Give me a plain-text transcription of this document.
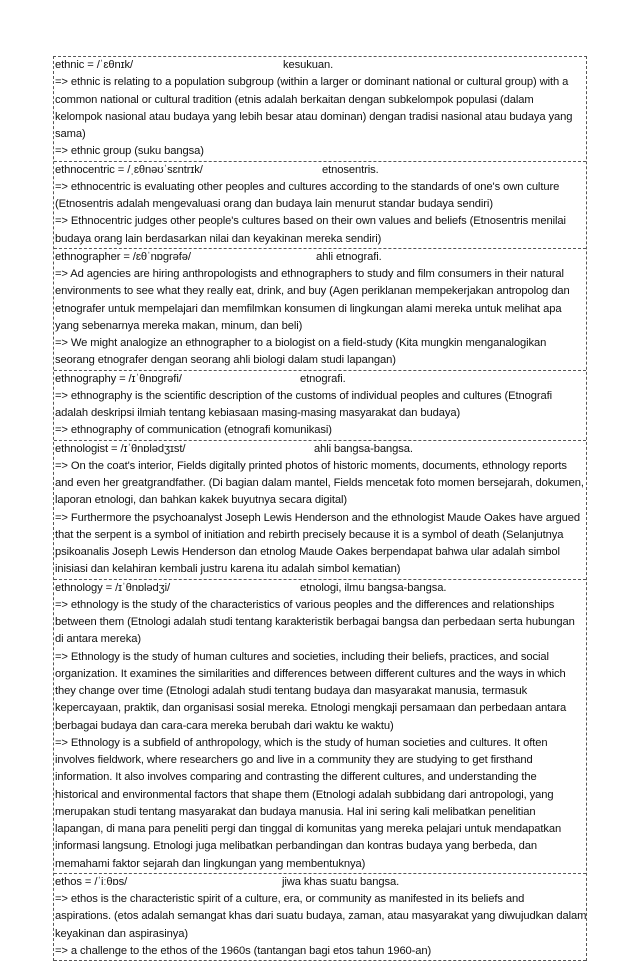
ethnic = /ˈɛθnɪk/	kesukuan.
=> ethnic is relating to a population subgroup (within a larger or dominant national or cultural group) with a
common national or cultural tradition (etnis adalah berkaitan dengan subkelompok populasi (dalam
kelompok nasional atau budaya yang lebih besar atau dominan) dengan tradisi nasional atau budaya yang
sama)
=> ethnic group (suku bangsa)
ethnocentric = /ˌɛθnəʊˈsɛntrɪk/	etnosentris.
=> ethnocentric is evaluating other peoples and cultures according to the standards of one's own culture
(Etnosentris adalah mengevaluasi orang dan budaya lain menurut standar budaya sendiri)
=> Ethnocentric judges other people's cultures based on their own values and beliefs (Etnosentris menilai
budaya orang lain berdasarkan nilai dan keyakinan mereka sendiri)
ethnographer = /ɛθˈnɒɡrəfə/	ahli etnografi.
=> Ad agencies are hiring anthropologists and ethnographers to study and film consumers in their natural
environments to see what they really eat, drink, and buy (Agen periklanan mempekerjakan antropolog dan
etnografer untuk mempelajari dan memfilmkan konsumen di lingkungan alami mereka untuk melihat apa
yang sebenarnya mereka makan, minum, dan beli)
=> We might analogize an ethnographer to a biologist on a field-study (Kita mungkin menganalogikan
seorang etnografer dengan seorang ahli biologi dalam studi lapangan)
ethnography = /ɪˈθnɒɡrəfi/	etnografi.
=> ethnography is the scientific description of the customs of individual peoples and cultures (Etnografi
adalah deskripsi ilmiah tentang kebiasaan masing-masing masyarakat dan budaya)
=> ethnography of communication (etnografi komunikasi)
ethnologist = /ɪˈθnɒlədʒɪst/	ahli bangsa-bangsa.
=> On the coat's interior, Fields digitally printed photos of historic moments, documents, ethnology reports
and even her greatgrandfather. (Di bagian dalam mantel, Fields mencetak foto momen bersejarah, dokumen,
laporan etnologi, dan bahkan kakek buyutnya secara digital)
=> Furthermore the psychoanalyst Joseph Lewis Henderson and the ethnologist Maude Oakes have argued
that the serpent is a symbol of initiation and rebirth precisely because it is a symbol of death (Selanjutnya
psikoanalis Joseph Lewis Henderson dan etnolog Maude Oakes berpendapat bahwa ular adalah simbol
inisiasi dan kelahiran kembali justru karena itu adalah simbol kematian)
ethnology = /ɪˈθnɒlədʒi/	etnologi, ilmu bangsa-bangsa.
=> ethnology is the study of the characteristics of various peoples and the differences and relationships
between them (Etnologi adalah studi tentang karakteristik berbagai bangsa dan perbedaan serta hubungan
di antara mereka)
=> Ethnology is the study of human cultures and societies, including their beliefs, practices, and social
organization. It examines the similarities and differences between different cultures and the ways in which
they change over time (Etnologi adalah studi tentang budaya dan masyarakat manusia, termasuk
kepercayaan, praktik, dan organisasi sosial mereka. Etnologi mengkaji persamaan dan perbedaan antara
berbagai budaya dan cara-cara mereka berubah dari waktu ke waktu)
=> Ethnology is a subfield of anthropology, which is the study of human societies and cultures. It often
involves fieldwork, where researchers go and live in a community they are studying to get firsthand
information. It also involves comparing and contrasting the different cultures, and understanding the
historical and environmental factors that shape them (Etnologi adalah subbidang dari antropologi, yang
merupakan studi tentang masyarakat dan budaya manusia. Hal ini sering kali melibatkan penelitian
lapangan, di mana para peneliti pergi dan tinggal di komunitas yang mereka pelajari untuk mendapatkan
informasi langsung. Etnologi juga melibatkan perbandingan dan kontras budaya yang berbeda, dan
memahami faktor sejarah dan lingkungan yang membentuknya)
ethos = /ˈiːθɒs/	jiwa khas suatu bangsa.
=> ethos is the characteristic spirit of a culture, era, or community as manifested in its beliefs and
aspirations. (etos adalah semangat khas dari suatu budaya, zaman, atau masyarakat yang diwujudkan dalam
keyakinan dan aspirasinya)
=> a challenge to the ethos of the 1960s (tantangan bagi etos tahun 1960-an)
